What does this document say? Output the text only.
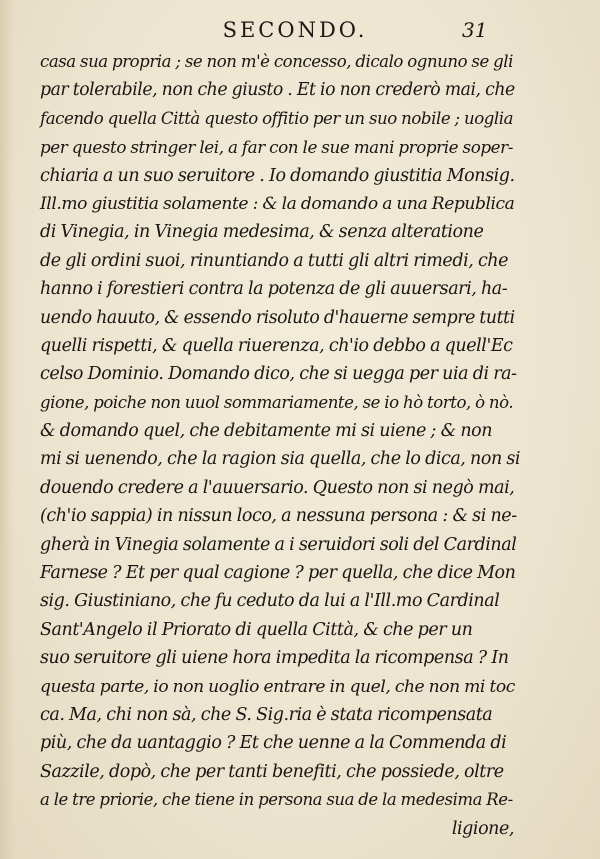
SECONDO.	31
casa sua propria ; se non m'è concesso, dicalo ognuno se gli
par tolerabile, non che giusto . Et io non crederò mai, che
facendo quella Città questo offitio per un suo nobile ; uoglia
per questo stringer lei, a far con le sue mani proprie soper-
chiaria a un suo seruitore . Io domando giustitia Monsig.
Ill.mo giustitia solamente : & la domando a una Republica
di Vinegia, in Vinegia medesima, & senza alteratione
de gli ordini suoi, rinuntiando a tutti gli altri rimedi, che
hanno i forestieri contra la potenza de gli auuersari, ha-
uendo hauuto, & essendo risoluto d'hauerne sempre tutti
quelli rispetti, & quella riuerenza, ch'io debbo a quell'Ec
celso Dominio. Domando dico, che si uegga per uia di ra-
gione, poiche non uuol sommariamente, se io hò torto, ò nò.
& domando quel, che debitamente mi si uiene ; & non
mi si uenendo, che la ragion sia quella, che lo dica, non si
douendo credere a l'auuersario. Questo non si negò mai,
(ch'io sappia) in nissun loco, a nessuna persona : & si ne-
gherà in Vinegia solamente a i seruidori soli del Cardinal
Farnese ? Et per qual cagione ? per quella, che dice Mon
sig. Giustiniano, che fu ceduto da lui a l'Ill.mo Cardinal
Sant'Angelo il Priorato di quella Città, & che per un
suo seruitore gli uiene hora impedita la ricompensa ? In
questa parte, io non uoglio entrare in quel, che non mi toc
ca. Ma, chi non sà, che S. Sig.ria è stata ricompensata
più, che da uantaggio ? Et che uenne a la Commenda di
Sazzile, dopò, che per tanti benefiti, che possiede, oltre
a le tre priorie, che tiene in persona sua de la medesima Re-
ligione,
